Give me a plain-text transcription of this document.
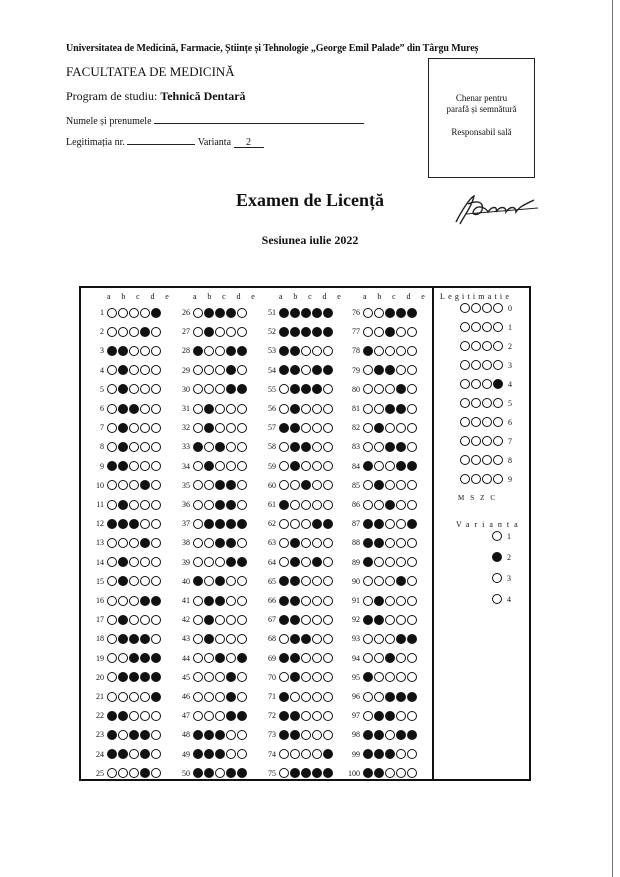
Universitatea de Medicină, Farmacie, Științe și Tehnologie „George Emil Palade” din Târgu Mureș
FACULTATEA DE MEDICINĂ
Program de studiu: Tehnică Dentară
Numele și prenumele
Legitimația nr.	Varianta 2
Chenar pentru
parafă și semnătură
Responsabil sală
Examen de Licență
Sesiunea iulie 2022
a b c d e a b c d e a b c d e a b c d e
1
2
3
4
5
6
7
8
9
10
11
12
13
14
15
16
17
18
19
20
21
22
23
24
25
26
27
28
29
30
31
32
33
34
35
36
37
38
39
40
41
42
43
44
45
46
47
48
49
50
51
52
53
54
55
56
57
58
59
60
61
62
63
64
65
66
67
68
69
70
71
72
73
74
75
76
77
78
79
80
81
82
83
84
85
86
87
88
89
90
91
92
93
94
95
96
97
98
99
100
Legitimatie
0
1
2
3
4
5
6
7
8
9
MSZC
Varianta
1
2
3
4
